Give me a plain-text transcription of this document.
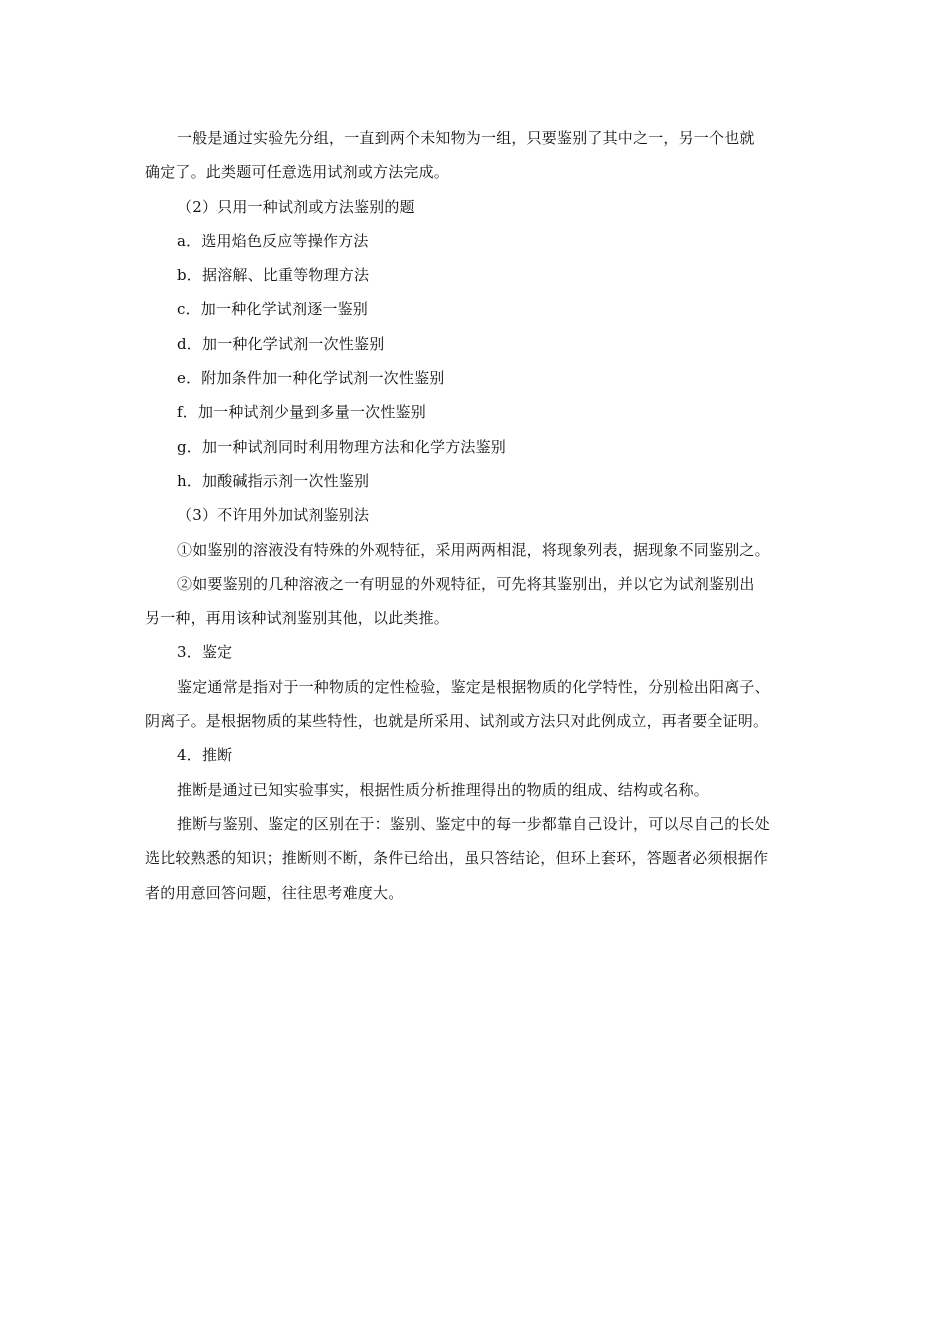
一般是通过实验先分组，一直到两个未知物为一组，只要鉴别了其中之一，另一个也就
确定了。此类题可任意选用试剂或方法完成。
（2）只用一种试剂或方法鉴别的题
a．选用焰色反应等操作方法
b．据溶解、比重等物理方法
c．加一种化学试剂逐一鉴别
d．加一种化学试剂一次性鉴别
e．附加条件加一种化学试剂一次性鉴别
f．加一种试剂少量到多量一次性鉴别
g．加一种试剂同时利用物理方法和化学方法鉴别
h．加酸碱指示剂一次性鉴别
（3）不许用外加试剂鉴别法
①如鉴别的溶液没有特殊的外观特征，采用两两相混，将现象列表，据现象不同鉴别之。
②如要鉴别的几种溶液之一有明显的外观特征，可先将其鉴别出，并以它为试剂鉴别出
另一种，再用该种试剂鉴别其他，以此类推。
3．鉴定
鉴定通常是指对于一种物质的定性检验，鉴定是根据物质的化学特性，分别检出阳离子、
阴离子。是根据物质的某些特性，也就是所采用、试剂或方法只对此例成立，再者要全证明。
4．推断
推断是通过已知实验事实，根据性质分析推理得出的物质的组成、结构或名称。
推断与鉴别、鉴定的区别在于：鉴别、鉴定中的每一步都靠自己设计，可以尽自己的长处
选比较熟悉的知识；推断则不断，条件已给出，虽只答结论，但环上套环，答题者必须根据作
者的用意回答问题，往往思考难度大。
